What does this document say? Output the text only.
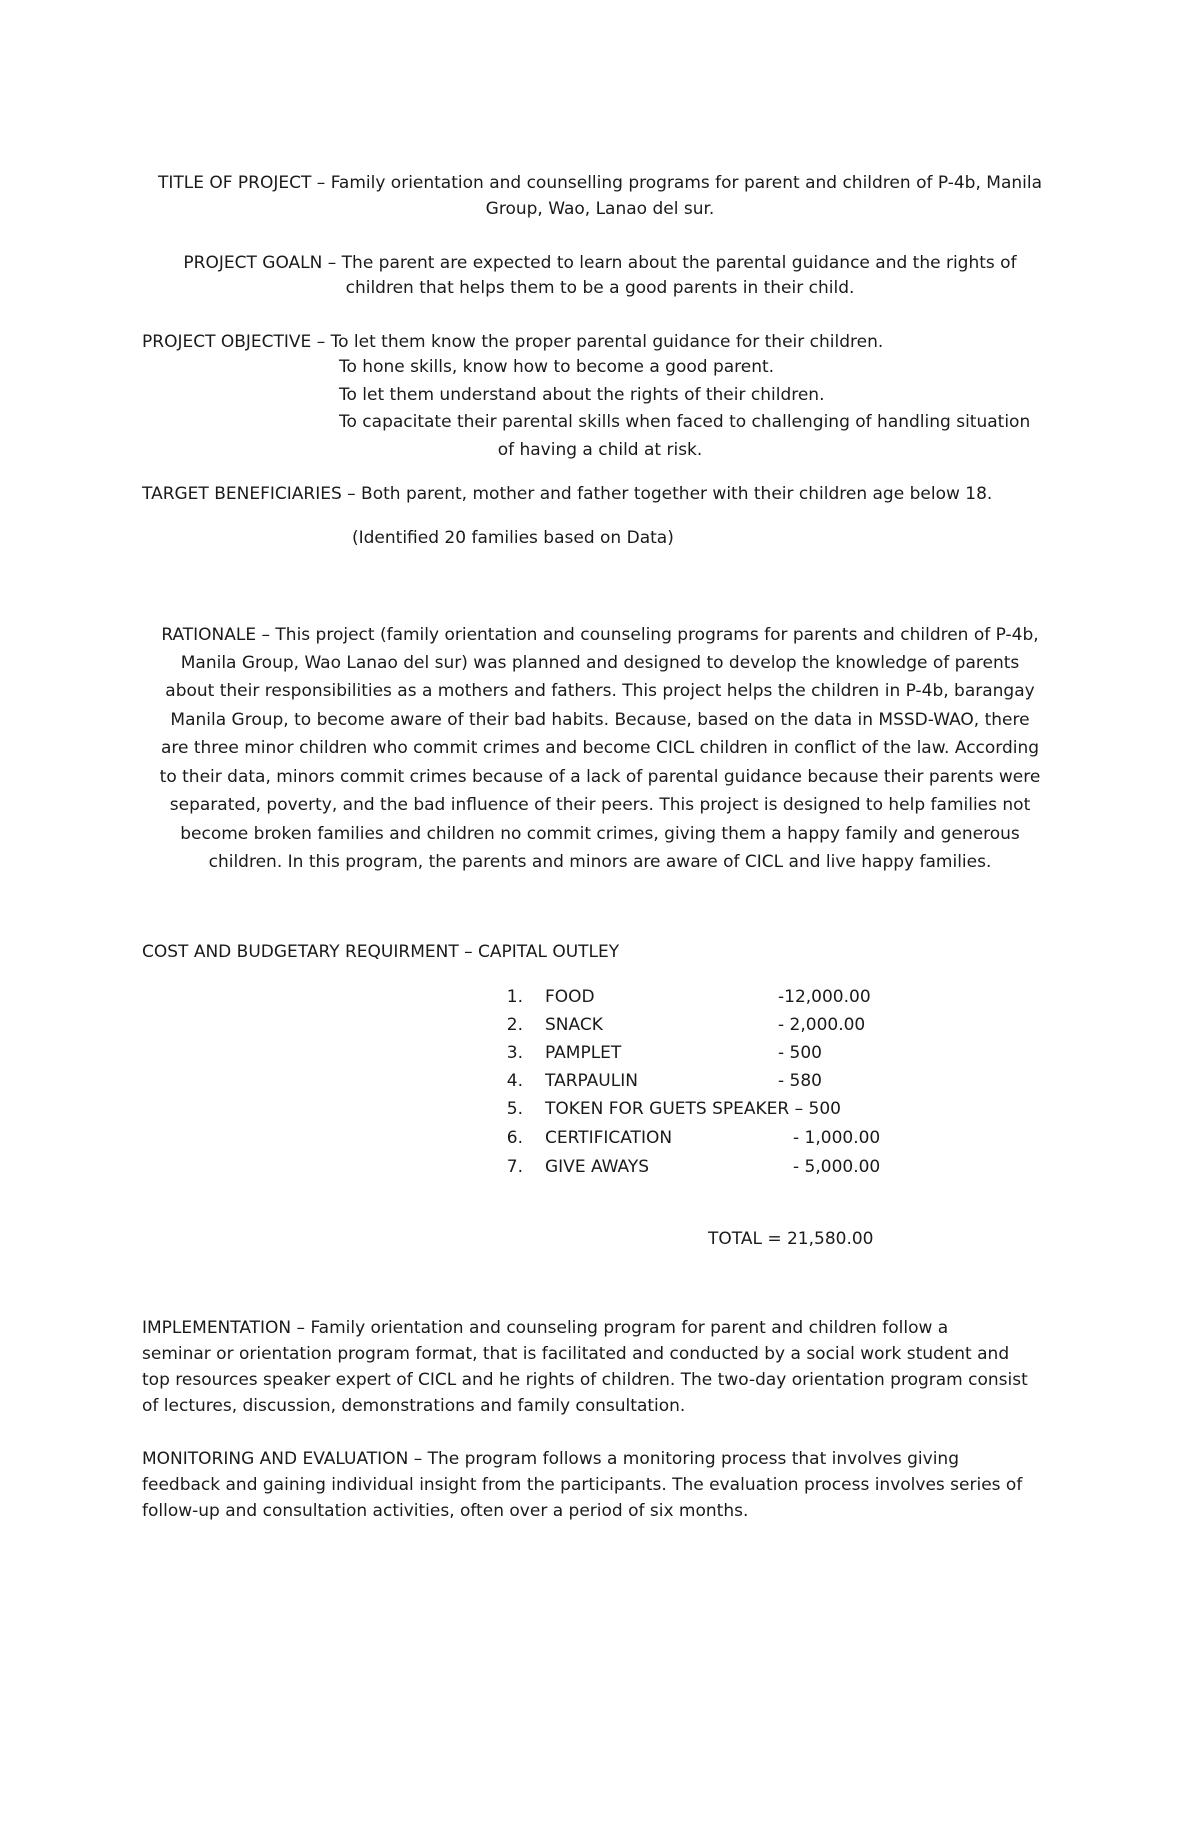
TITLE OF PROJECT – Family orientation and counselling programs for parent and children of P-4b, Manila
Group, Wao, Lanao del sur.
PROJECT GOALN – The parent are expected to learn about the parental guidance and the rights of
children that helps them to be a good parents in their child.
PROJECT OBJECTIVE – To let them know the proper parental guidance for their children.
To hone skills, know how to become a good parent.
To let them understand about the rights of their children.
To capacitate their parental skills when faced to challenging of handling situation
of having a child at risk.
TARGET BENEFICIARIES – Both parent, mother and father together with their children age below 18.
(Identified 20 families based on Data)
RATIONALE – This project (family orientation and counseling programs for parents and children of P-4b,
Manila Group, Wao Lanao del sur) was planned and designed to develop the knowledge of parents
about their responsibilities as a mothers and fathers. This project helps the children in P-4b, barangay
Manila Group, to become aware of their bad habits. Because, based on the data in MSSD-WAO, there
are three minor children who commit crimes and become CICL children in conflict of the law. According
to their data, minors commit crimes because of a lack of parental guidance because their parents were
separated, poverty, and the bad influence of their peers. This project is designed to help families not
become broken families and children no commit crimes, giving them a happy family and generous
children. In this program, the parents and minors are aware of CICL and live happy families.
COST AND BUDGETARY REQUIRMENT – CAPITAL OUTLEY
1. FOOD	-12,000.00
2. SNACK	- 2,000.00
3. PAMPLET	- 500
4. TARPAULIN	- 580
5. TOKEN FOR GUETS SPEAKER – 500
6. CERTIFICATION	- 1,000.00
7. GIVE AWAYS	- 5,000.00
TOTAL = 21,580.00
IMPLEMENTATION – Family orientation and counseling program for parent and children follow a
seminar or orientation program format, that is facilitated and conducted by a social work student and
top resources speaker expert of CICL and he rights of children. The two-day orientation program consist
of lectures, discussion, demonstrations and family consultation.
MONITORING AND EVALUATION – The program follows a monitoring process that involves giving
feedback and gaining individual insight from the participants. The evaluation process involves series of
follow-up and consultation activities, often over a period of six months.
